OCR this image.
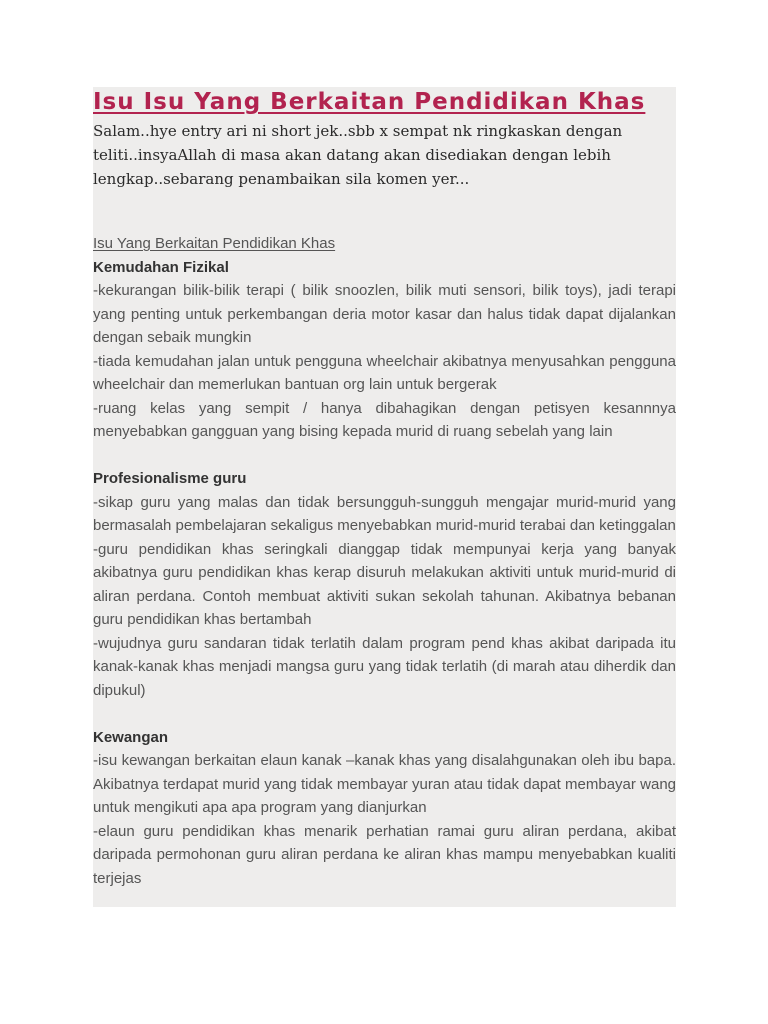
Isu Isu Yang Berkaitan Pendidikan Khas

Salam..hye entry ari ni short jek..sbb x sempat nk ringkaskan dengan teliti..insyaAllah di masa akan datang akan disediakan dengan lebih lengkap..sebarang penambaikan sila komen yer...

Isu Yang Berkaitan Pendidikan Khas
Kemudahan Fizikal

-kekurangan bilik-bilik terapi ( bilik snoozlen, bilik muti sensori, bilik toys), jadi terapi yang penting untuk perkembangan deria motor kasar dan halus tidak dapat dijalankan dengan sebaik mungkin

-tiada kemudahan jalan untuk pengguna wheelchair akibatnya menyusahkan pengguna wheelchair dan memerlukan bantuan org lain untuk bergerak

-ruang kelas yang sempit / hanya dibahagikan dengan petisyen kesannnya menyebabkan gangguan yang bising kepada murid di ruang sebelah yang lain

Profesionalisme guru

-sikap guru yang malas dan tidak bersungguh-sungguh mengajar murid-murid yang bermasalah pembelajaran sekaligus menyebabkan murid-murid terabai dan ketinggalan

-guru pendidikan khas seringkali dianggap tidak mempunyai kerja yang banyak akibatnya guru pendidikan khas kerap disuruh melakukan aktiviti untuk murid-murid di aliran perdana. Contoh membuat aktiviti sukan sekolah tahunan. Akibatnya bebanan guru pendidikan khas bertambah

-wujudnya guru sandaran tidak terlatih dalam program pend khas akibat daripada itu kanak-kanak khas menjadi mangsa guru yang tidak terlatih (di marah atau diherdik dan dipukul)

Kewangan

-isu kewangan berkaitan elaun kanak –kanak khas yang disalahgunakan oleh ibu bapa. Akibatnya terdapat murid yang tidak membayar yuran atau tidak dapat membayar wang untuk mengikuti apa apa program yang dianjurkan

-elaun guru pendidikan khas menarik perhatian ramai guru aliran perdana, akibat daripada permohonan guru aliran perdana ke aliran khas mampu menyebabkan kualiti terjejas
